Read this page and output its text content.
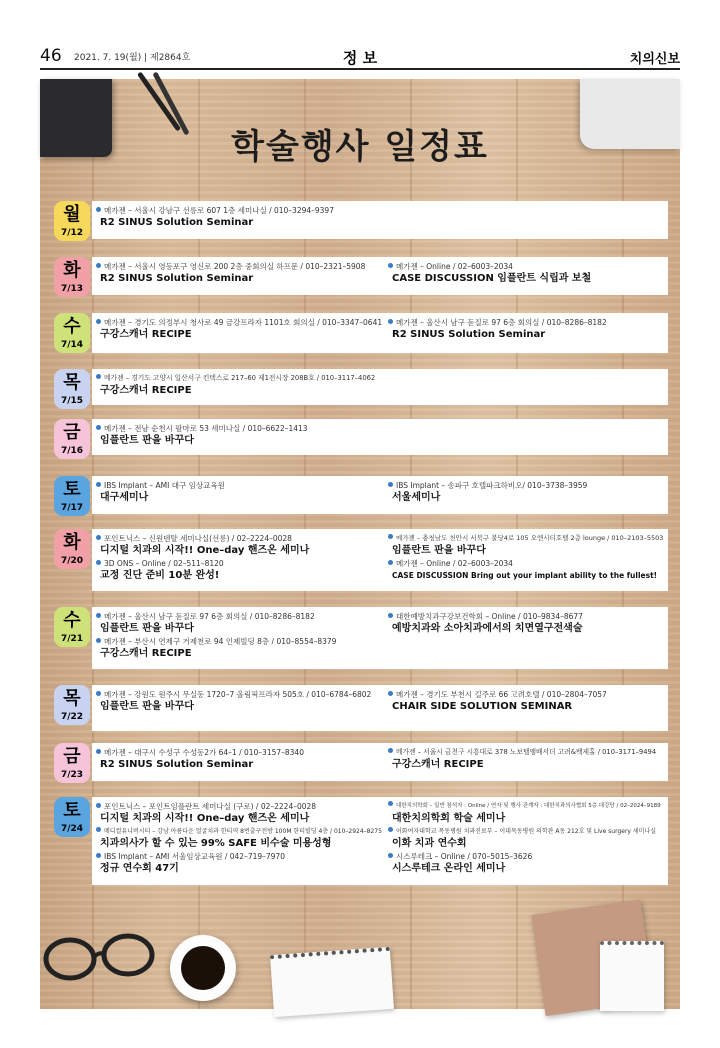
46 2021. 7. 19(월) | 제2864호	정 보	치의신보
학술행사 일정표
월
7/12
메가젠 – 서울시 강남구 선릉로 607 1층 세미나실 / 010–3294–9397
R2 SINUS Solution Seminar
화
7/13
메가젠 – 서울시 영등포구 영신로 200 2층 중회의실 하프문 / 010–2321–5908
R2 SINUS Solution Seminar
메가젠 – Online / 02–6003–2034
CASE DISCUSSION 임플란트 식립과 보철
수
7/14
메가젠 – 경기도 의정부시 청사로 49 금강프라자 1101호 회의실 / 010–3347–0641
구강스캐너 RECIPE
메가젠 – 울산시 남구 돋질로 97 6층 회의실 / 010–8286–8182
R2 SINUS Solution Seminar
목
7/15
메가젠 – 경기도 고양시 일산서구 킨텍스로 217–60 제1전시장 208B호 / 010–3117–4062
구강스캐너 RECIPE
금
7/16
메가젠 – 전남 순천시 팔마로 53 세미나실 / 010–6622–1413
임플란트 판을 바꾸다
토
7/17
IBS Implant – AMI 대구 임상교육원
대구세미나
IBS Implant – 송파구 호텔파크하비오/ 010–3738–3959
서울세미나
화
7/20
포인트닉스 – 신원덴탈 세미나실(선릉) / 02–2224–0028
디지털 치과의 시작!! One–day 핸즈온 세미나
메가젠 – 충청남도 천안시 서북구 불당4로 105 오엔시티호텔 2층 lounge / 010–2103–5503
임플란트 판을 바꾸다
3D ONS – Online / 02–511–8120
교정 진단 준비 10분 완성!
메가젠 – Online / 02–6003–2034
CASE DISCUSSION Bring out your implant ability to the fullest!
수
7/21
메가젠 – 울산시 남구 돋질로 97 6층 회의실 / 010–8286–8182
임플란트 판을 바꾸다
대한예방치과구강보건학회 – Online / 010–9834–8677
예방치과와 소아치과에서의 치면열구전색술
메가젠 – 부산시 연제구 거제천로 94 인제빌딩 8층 / 010–8554–8379
구강스캐너 RECIPE
목
7/22
메가젠 – 강원도 원주시 무실동 1720–7 올림픽프라자 505호 / 010–6784–6802
임플란트 판을 바꾸다
메가젠 – 경기도 부천시 길주로 66 고려호텔 / 010–2804–7057
CHAIR SIDE SOLUTION SEMINAR
금
7/23
메가젠 – 대구시 수성구 수성동2가 64–1 / 010–3157–8340
R2 SINUS Solution Seminar
메가젠 – 서울시 금천구 시흥대로 378 노보텔앰배서더 고려&백제홀 / 010–3171–9494
구강스캐너 RECIPE
토
7/24
포인트닉스 – 포인트임플란트 세미나실 (구로) / 02–2224–0028
디지털 치과의 시작!! One–day 핸즈온 세미나
대한치의학회 – 일반 참석자 : Online / 연자 및 행사 관계자 : 대한치과의사협회 5층 대강당 / 02–2024–9189
대한치의학회 학술 세미나
메디컬유니버시티 – 강남 아름다운 얼굴치과 한티역 8번출구전방 100M 한티빌딩 4층 / 010–2924–8275
치과의사가 할 수 있는 99% SAFE 비수술 미용성형
이화여자대학교 목동병원 치과진료부 – 이대목동병원 의학관 A동 212호 및 Live surgery 세미나실
이화 치과 연수회
IBS Implant – AMI 서울임상교육원 / 042–719–7970
정규 연수회 47기
시스루테크 – Online / 070–5015–3626
시스루테크 온라인 세미나
